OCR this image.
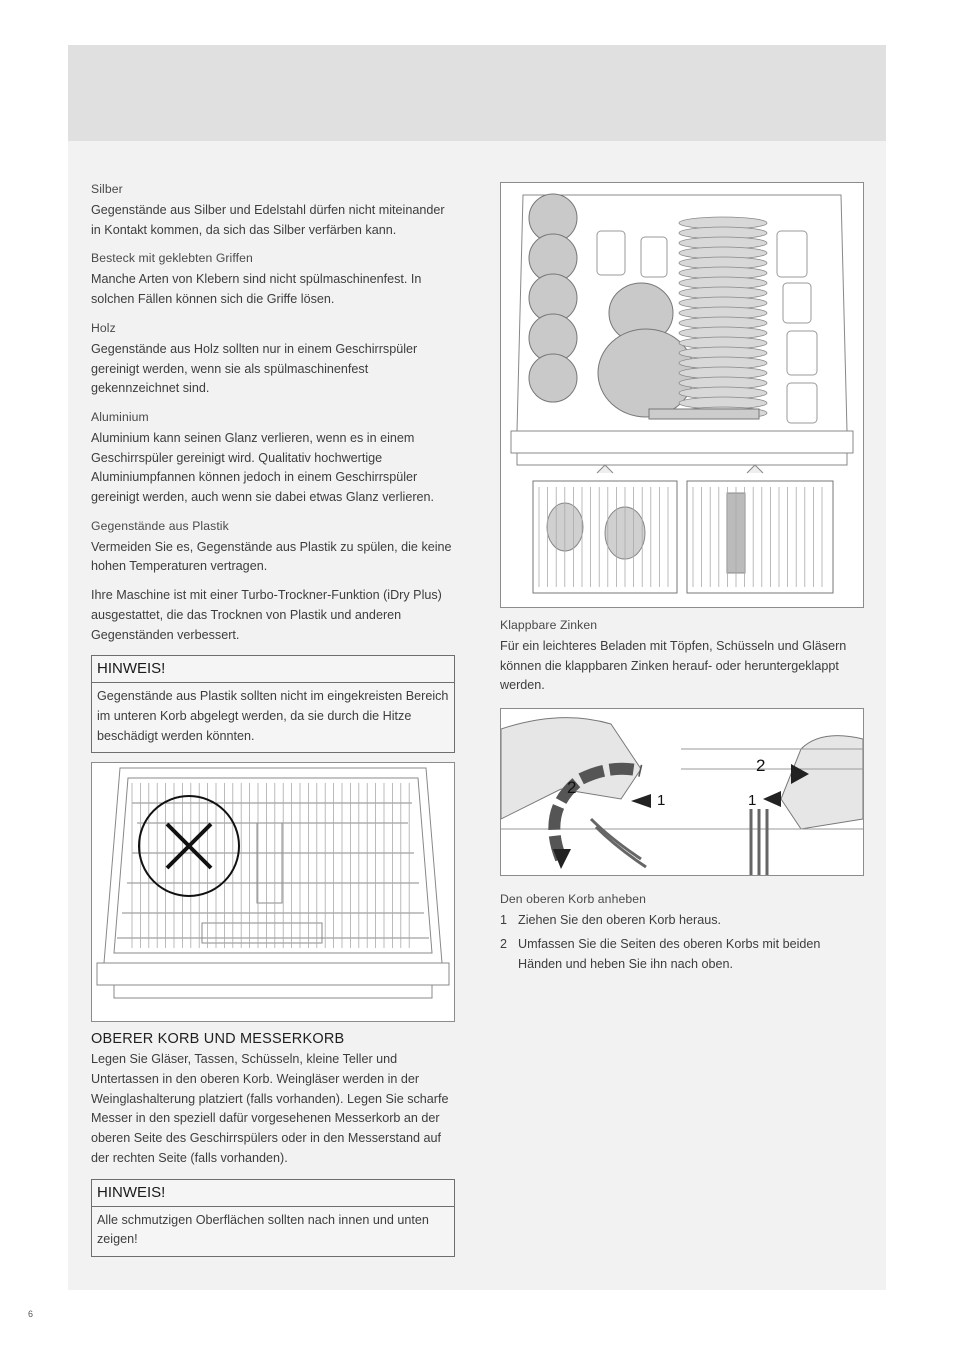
Silber
Gegenstände aus Silber und Edelstahl dürfen nicht miteinander in Kontakt kommen, da sich das Silber verfärben kann.
Besteck mit geklebten Griffen
Manche Arten von Klebern sind nicht spülmaschinenfest. In solchen Fällen können sich die Griffe lösen.
Holz
Gegenstände aus Holz sollten nur in einem Geschirrspüler gereinigt werden, wenn sie als spülmaschinenfest gekennzeichnet sind.
Aluminium
Aluminium kann seinen Glanz verlieren, wenn es in einem Geschirrspüler gereinigt wird. Qualitativ hochwertige Aluminiumpfannen können jedoch in einem Geschirrspüler gereinigt werden, auch wenn sie dabei etwas Glanz verlieren.
Gegenstände aus Plastik
Vermeiden Sie es, Gegenstände aus Plastik zu spülen, die keine hohen Temperaturen vertragen.
Ihre Maschine ist mit einer Turbo-Trockner-Funktion (iDry Plus) ausgestattet, die das Trocknen von Plastik und anderen Gegenständen verbessert.
HINWEIS!
Gegenstände aus Plastik sollten nicht im eingekreisten Bereich im unteren Korb abgelegt werden, da sie durch die Hitze beschädigt werden könnten.
OBERER KORB UND MESSERKORB
Legen Sie Gläser, Tassen, Schüsseln, kleine Teller und Untertassen in den oberen Korb. Weingläser werden in der Weinglashalterung platziert (falls vorhanden). Legen Sie scharfe Messer in den speziell dafür vorgesehenen Messerkorb an der oberen Seite des Geschirrspülers oder in den Messerstand auf der rechten Seite (falls vorhanden).
HINWEIS!
Alle schmutzigen Oberflächen sollten nach innen und unten zeigen!
Klappbare Zinken
Für ein leichteres Beladen mit Töpfen, Schüsseln und Gläsern können die klappbaren Zinken herauf- oder heruntergeklappt werden.
2
1
2
1
Den oberen Korb anheben
1 Ziehen Sie den oberen Korb heraus.
2 Umfassen Sie die Seiten des oberen Korbs mit beiden Händen und heben Sie ihn nach oben.
6
